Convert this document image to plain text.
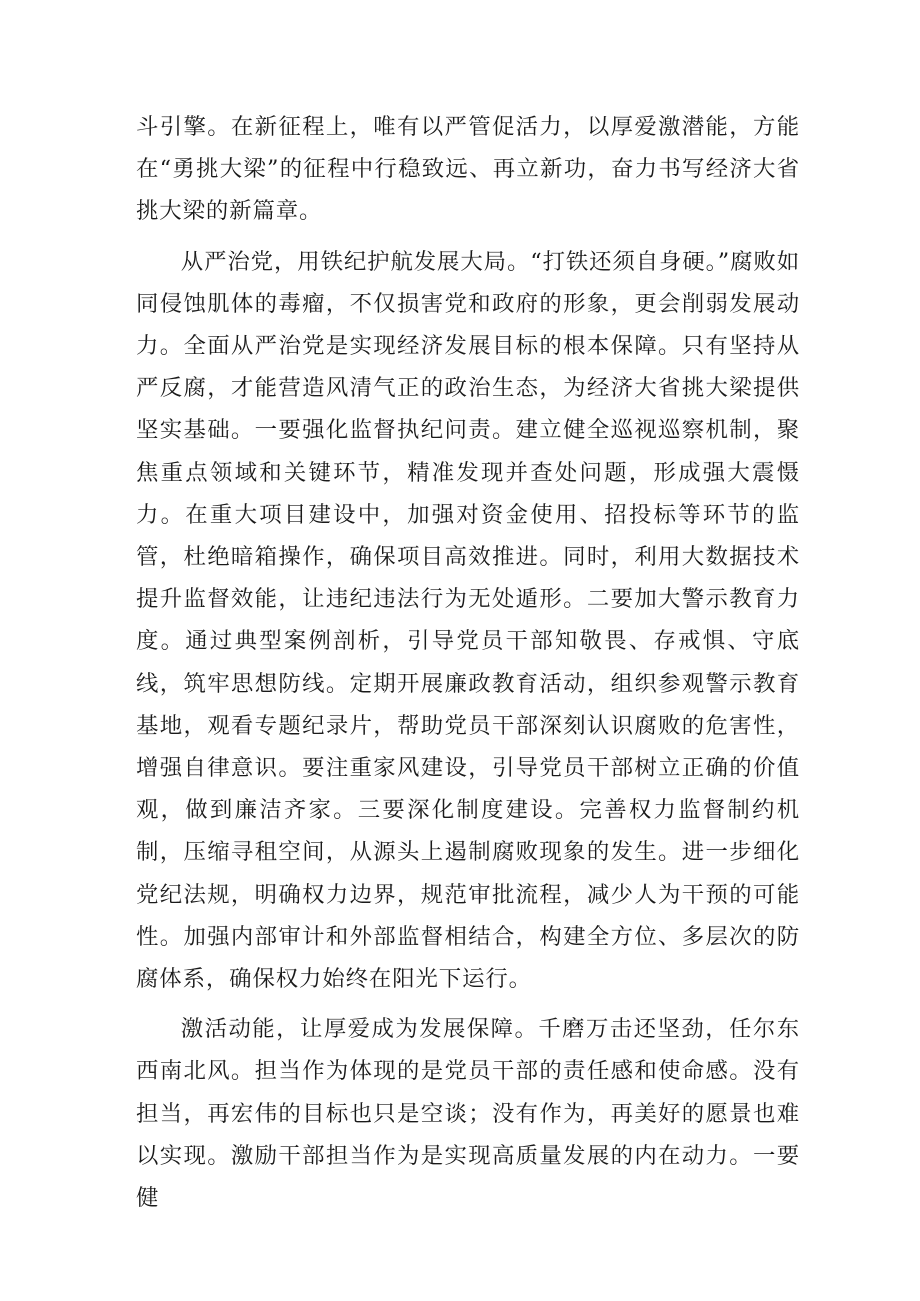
斗引擎。在新征程上，唯有以严管促活力，以厚爱激潜能，方能在“勇挑大梁”的征程中行稳致远、再立新功，奋力书写经济大省挑大梁的新篇章。

从严治党，用铁纪护航发展大局。“打铁还须自身硬。”腐败如同侵蚀肌体的毒瘤，不仅损害党和政府的形象，更会削弱发展动力。全面从严治党是实现经济发展目标的根本保障。只有坚持从严反腐，才能营造风清气正的政治生态，为经济大省挑大梁提供坚实基础。一要强化监督执纪问责。建立健全巡视巡察机制，聚焦重点领域和关键环节，精准发现并查处问题，形成强大震慑力。在重大项目建设中，加强对资金使用、招投标等环节的监管，杜绝暗箱操作，确保项目高效推进。同时，利用大数据技术提升监督效能，让违纪违法行为无处遁形。二要加大警示教育力度。通过典型案例剖析，引导党员干部知敬畏、存戒惧、守底线，筑牢思想防线。定期开展廉政教育活动，组织参观警示教育基地，观看专题纪录片，帮助党员干部深刻认识腐败的危害性，增强自律意识。要注重家风建设，引导党员干部树立正确的价值观，做到廉洁齐家。三要深化制度建设。完善权力监督制约机制，压缩寻租空间，从源头上遏制腐败现象的发生。进一步细化党纪法规，明确权力边界，规范审批流程，减少人为干预的可能性。加强内部审计和外部监督相结合，构建全方位、多层次的防腐体系，确保权力始终在阳光下运行。

激活动能，让厚爱成为发展保障。千磨万击还坚劲，任尔东西南北风。担当作为体现的是党员干部的责任感和使命感。没有担当，再宏伟的目标也只是空谈；没有作为，再美好的愿景也难以实现。激励干部担当作为是实现高质量发展的内在动力。一要健
